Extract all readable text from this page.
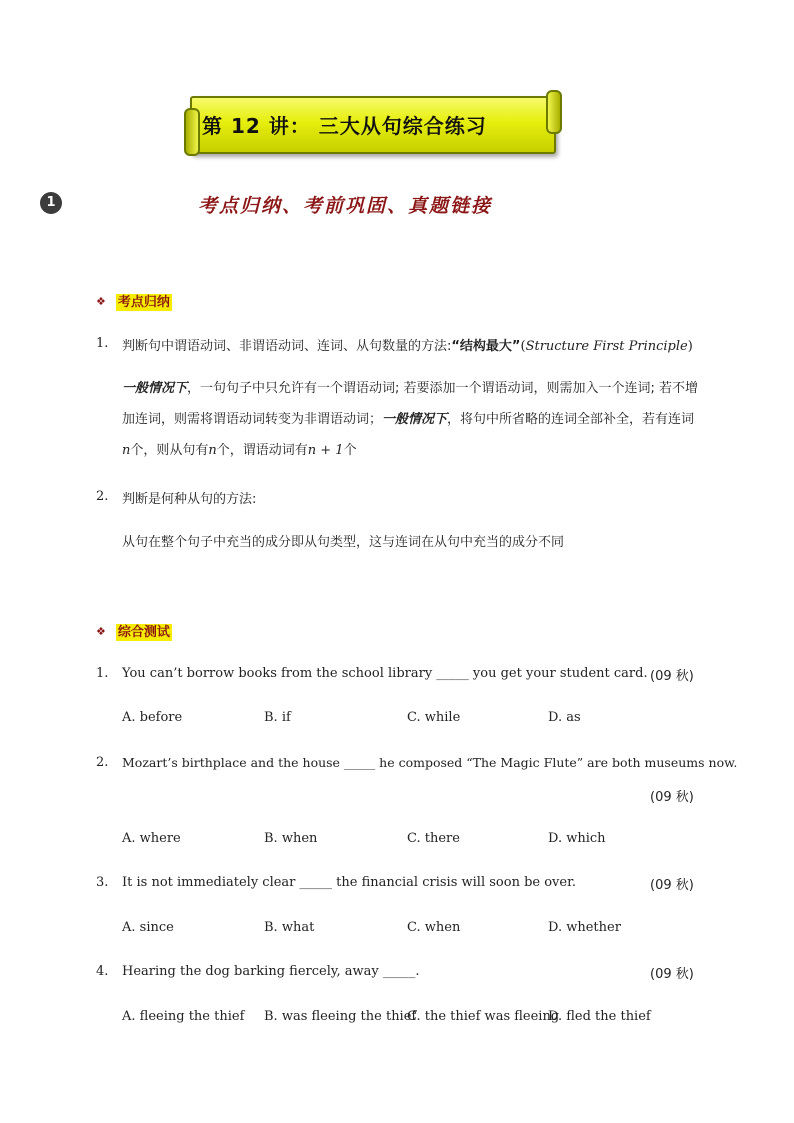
第 12 讲： 三大从句综合练习
1	考点归纳、考前巩固、真题链接
❖ 考点归纳
1. 判断句中谓语动词、非谓语动词、连词、从句数量的方法:“结构最大”(Structure First Principle)
一般情况下，一句句子中只允许有一个谓语动词; 若要添加一个谓语动词，则需加入一个连词; 若不增加连词，则需将谓语动词转变为非谓语动词；一般情况下，将句中所省略的连词全部补全，若有连词n个，则从句有n个，谓语动词有n + 1个
2. 判断是何种从句的方法:
从句在整个句子中充当的成分即从句类型，这与连词在从句中充当的成分不同
❖ 综合测试
1. You can’t borrow books from the school library _____ you get your student card. (09 秋)
A. before	B. if	C. while	D. as
2. Mozart’s birthplace and the house _____ he composed “The Magic Flute” are both museums now.
(09 秋)
A. where	B. when	C. there	D. which
3. It is not immediately clear _____ the financial crisis will soon be over.	(09 秋)
A. since	B. what	C. when	D. whether
4. Hearing the dog barking fiercely, away _____.	(09 秋)
A. fleeing the thief B. was fleeing the thief
C. the thief was fleeing
D. fled the thief
